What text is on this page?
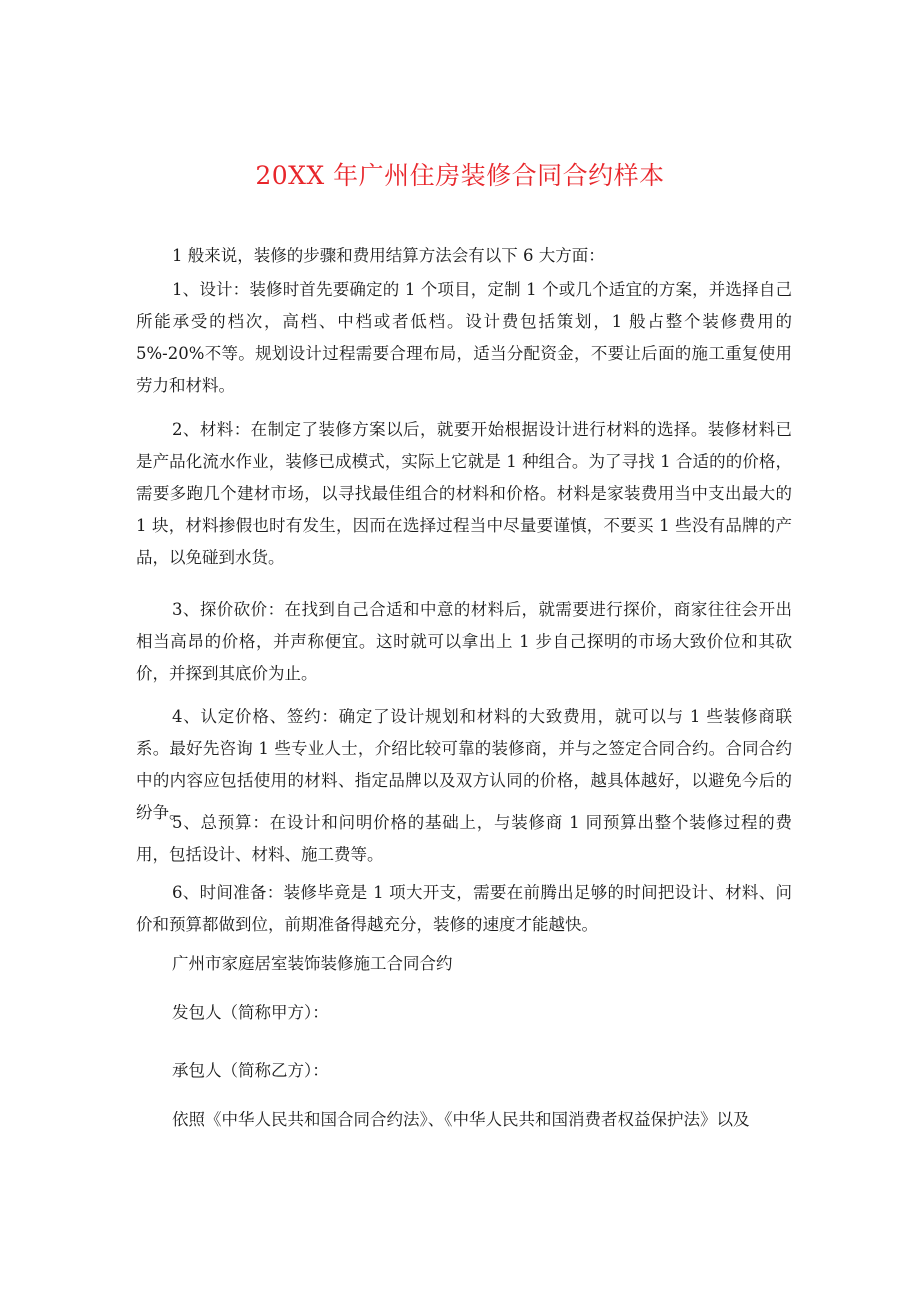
20XX 年广州住房装修合同合约样本

1 般来说，装修的步骤和费用结算方法会有以下 6 大方面：

1、设计：装修时首先要确定的 1 个项目，定制 1 个或几个适宜的方案，并选择自己所能承受的档次，高档、中档或者低档。设计费包括策划，1 般占整个装修费用的 5%-20%不等。规划设计过程需要合理布局，适当分配资金，不要让后面的施工重复使用劳力和材料。

2、材料：在制定了装修方案以后，就要开始根据设计进行材料的选择。装修材料已是产品化流水作业，装修已成模式，实际上它就是 1 种组合。为了寻找 1 合适的的价格，需要多跑几个建材市场，以寻找最佳组合的材料和价格。材料是家装费用当中支出最大的 1 块，材料掺假也时有发生，因而在选择过程当中尽量要谨慎，不要买 1 些没有品牌的产品，以免碰到水货。

3、探价砍价：在找到自己合适和中意的材料后，就需要进行探价，商家往往会开出相当高昂的价格，并声称便宜。这时就可以拿出上 1 步自己探明的市场大致价位和其砍价，并探到其底价为止。

4、认定价格、签约：确定了设计规划和材料的大致费用，就可以与 1 些装修商联系。最好先咨询 1 些专业人士，介绍比较可靠的装修商，并与之签定合同合约。合同合约中的内容应包括使用的材料、指定品牌以及双方认同的价格，越具体越好，以避免今后的纷争。

5、总预算：在设计和问明价格的基础上，与装修商 1 同预算出整个装修过程的费用，包括设计、材料、施工费等。

6、时间准备：装修毕竟是 1 项大开支，需要在前腾出足够的时间把设计、材料、问价和预算都做到位，前期准备得越充分，装修的速度才能越快。

广州市家庭居室装饰装修施工合同合约

发包人（简称甲方）：

承包人（简称乙方）：

依照《中华人民共和国合同合约法》、《中华人民共和国消费者权益保护法》以及
